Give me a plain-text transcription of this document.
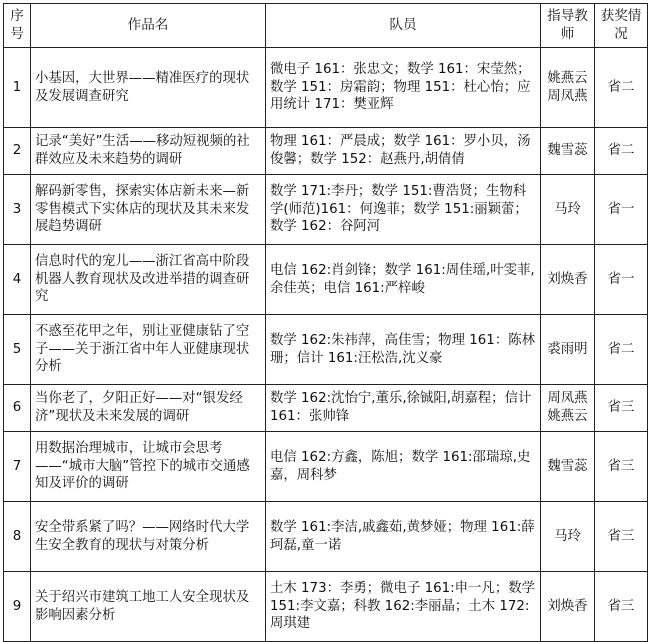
序号	作品名	队员	指导教师	获奖情况
1	小基因，大世界——精准医疗的现状及发展调查研究	微电子 161：张忠文；数学 161：宋莹然；数学 151：房霜韵；物理 151：杜心怡；应用统计 171：樊亚辉	姚燕云 周凤燕	省二
2	记录“美好”生活——移动短视频的社群效应及未来趋势的调研	物理 161：严晨成；数学 161：罗小贝，汤俊馨；数学 152：赵燕丹,胡倩倩	魏雪蕊	省二
3	解码新零售，探索实体店新未来—新零售模式下实体店的现状及其未来发展趋势调研	数学 171:李丹；数学 151:曹浩贤；生物科学(师范)161：何逸菲；数学 151:丽颖蕾；数学 162：谷阿河	马玲	省一
4	信息时代的宠儿——浙江省高中阶段机器人教育现状及改进举措的调查研究	电信 162:肖剑锋；数学 161:周佳瑶,叶雯菲,余佳英；电信 161:严梓峻	刘焕香	省一
5	不惑至花甲之年，别让亚健康钻了空子——关于浙江省中年人亚健康现状分析	数学 162:朱祎萍，高佳雪；物理 161：陈林珊；信计 161:汪松浩,沈义豪	裘雨明	省二
6	当你老了，夕阳正好——对“银发经济”现状及未来发展的调研	数学 162:沈怡宁,董乐,徐铖阳,胡嘉程；信计 161：张帅锋	周凤燕 姚燕云	省三
7	用数据治理城市，让城市会思考——“城市大脑”管控下的城市交通感知及评价的调研	电信 162:方鑫，陈旭；数学 161:邵瑞琼,史嘉，周科梦	魏雪蕊	省三
8	安全带系紧了吗？——网络时代大学生安全教育的现状与对策分析	数学 161:李洁,戚鑫茹,黄梦娅；物理 161:薛珂磊,童一诺	马玲	省三
9	关于绍兴市建筑工地工人安全现状及影响因素分析	土木 173：李勇；微电子 161:申一凡；数学 151:李文嘉；科教 162:李丽晶；土木 172:周琪建	刘焕香	省三
